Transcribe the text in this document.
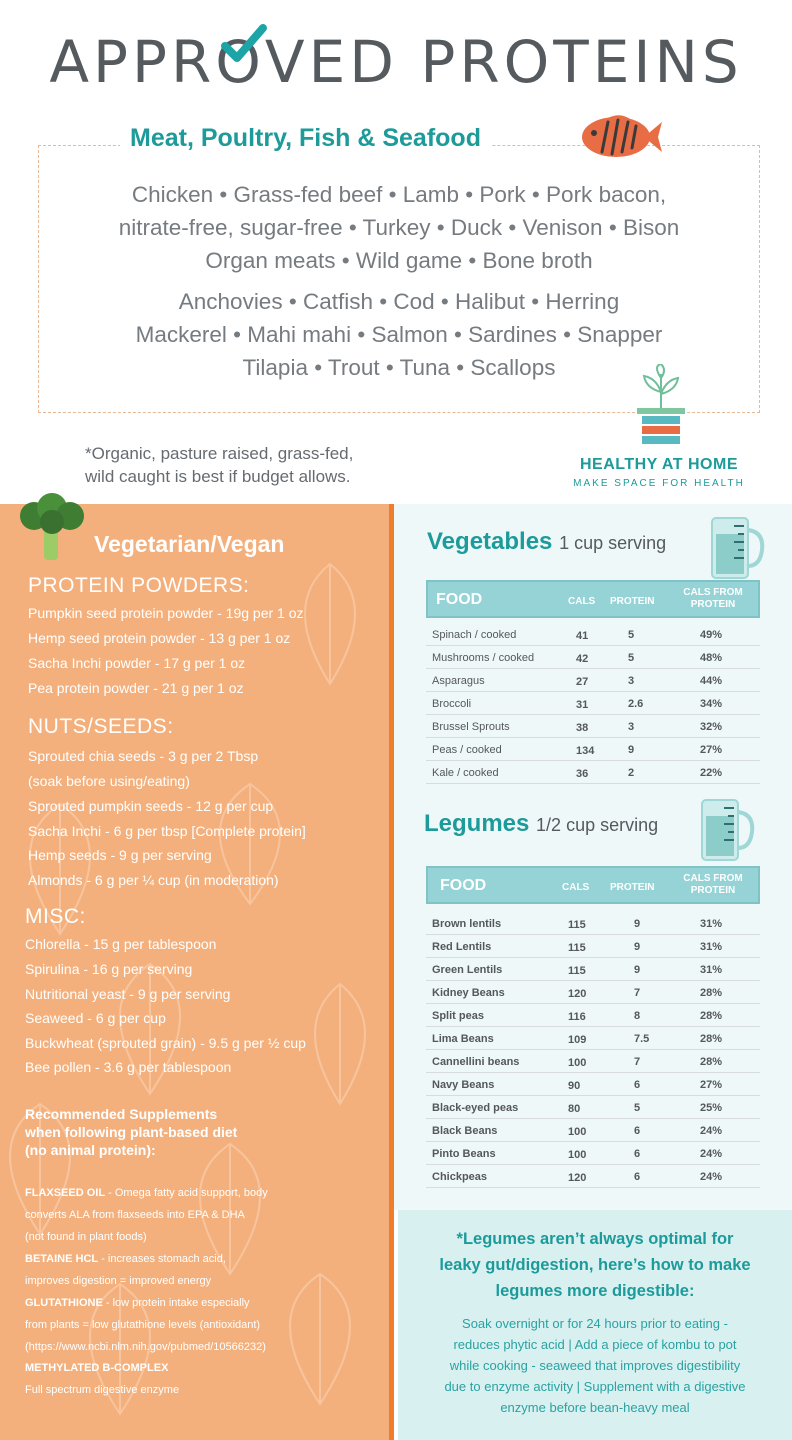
APPRO
VED PROTEINS
Meat, Poultry, Fish & Seafood

Chicken • Grass-fed beef • Lamb • Pork • Pork bacon,

nitrate-free, sugar-free • Turkey • Duck • Venison • Bison

Organ meats • Wild game • Bone broth

Anchovies • Catfish • Cod • Halibut • Herring

Mackerel • Mahi mahi • Salmon • Sardines • Snapper

Tilapia • Trout • Tuna • Scallops

*Organic, pasture raised, grass-fed,
wild caught is best if budget allows.
HEALTHY AT HOME
MAKE SPACE FOR HEALTH
Vegetarian/Vegan
PROTEIN POWDERS:
Pumpkin seed protein powder - 19g per 1 oz
Hemp seed protein powder - 13 g per 1 oz
Sacha Inchi powder - 17 g per 1 oz
Pea protein powder - 21 g per 1 oz
NUTS/SEEDS:
Sprouted chia seeds - 3 g per 2 Tbsp
(soak before using/eating)
Sprouted pumpkin seeds - 12 g per cup
Sacha Inchi - 6 g per tbsp [Complete protein]
Hemp seeds - 9 g per serving
Almonds - 6 g per ¼ cup (in moderation)
MISC:
Chlorella - 15 g per tablespoon
Spirulina - 16 g per serving
Nutritional yeast - 9 g per serving
Seaweed - 6 g per cup
Buckwheat (sprouted grain) - 9.5 g per ½ cup
Bee pollen - 3.6 g per tablespoon
Recommended Supplements
when following plant-based diet
(no animal protein):
FLAXSEED OIL - Omega fatty acid support, body
converts ALA from flaxseeds into EPA & DHA
(not found in plant foods)
BETAINE HCL - increases stomach acid,
improves digestion = improved energy
GLUTATHIONE - low protein intake especially
from plants = low glutathione levels (antioxidant)
(https://www.ncbi.nlm.nih.gov/pubmed/10566232)
METHYLATED B-COMPLEX
Full spectrum digestive enzyme
Vegetables 1 cup serving
FOOD	CALS PROTEIN
CALS FROM
PROTEIN
Spinach / cooked	41	5	49%
Mushrooms / cooked	42	5	48%
Asparagus	27	3	44%
Broccoli	31	2.6	34%
Brussel Sprouts	38	3	32%
Peas / cooked	134	9	27%
Kale / cooked	36	2	22%
Legumes 1/2 cup serving
FOOD	CALS PROTEIN
CALS FROM
PROTEIN
Brown lentils	115	9	31%
Red Lentils	115	9	31%
Green Lentils	115	9	31%
Kidney Beans	120	7	28%
Split peas	116	8	28%
Lima Beans	109	7.5	28%
Cannellini beans	100	7	28%
Navy Beans	90	6	27%
Black-eyed peas	80	5	25%
Black Beans	100	6	24%
Pinto Beans	100	6	24%
Chickpeas	120	6	24%
*Legumes aren’t always optimal for
leaky gut/digestion, here’s how to make
legumes more digestible:
Soak overnight or for 24 hours prior to eating -
reduces phytic acid | Add a piece of kombu to pot
while cooking - seaweed that improves digestibility
due to enzyme activity | Supplement with a digestive
enzyme before bean-heavy meal
